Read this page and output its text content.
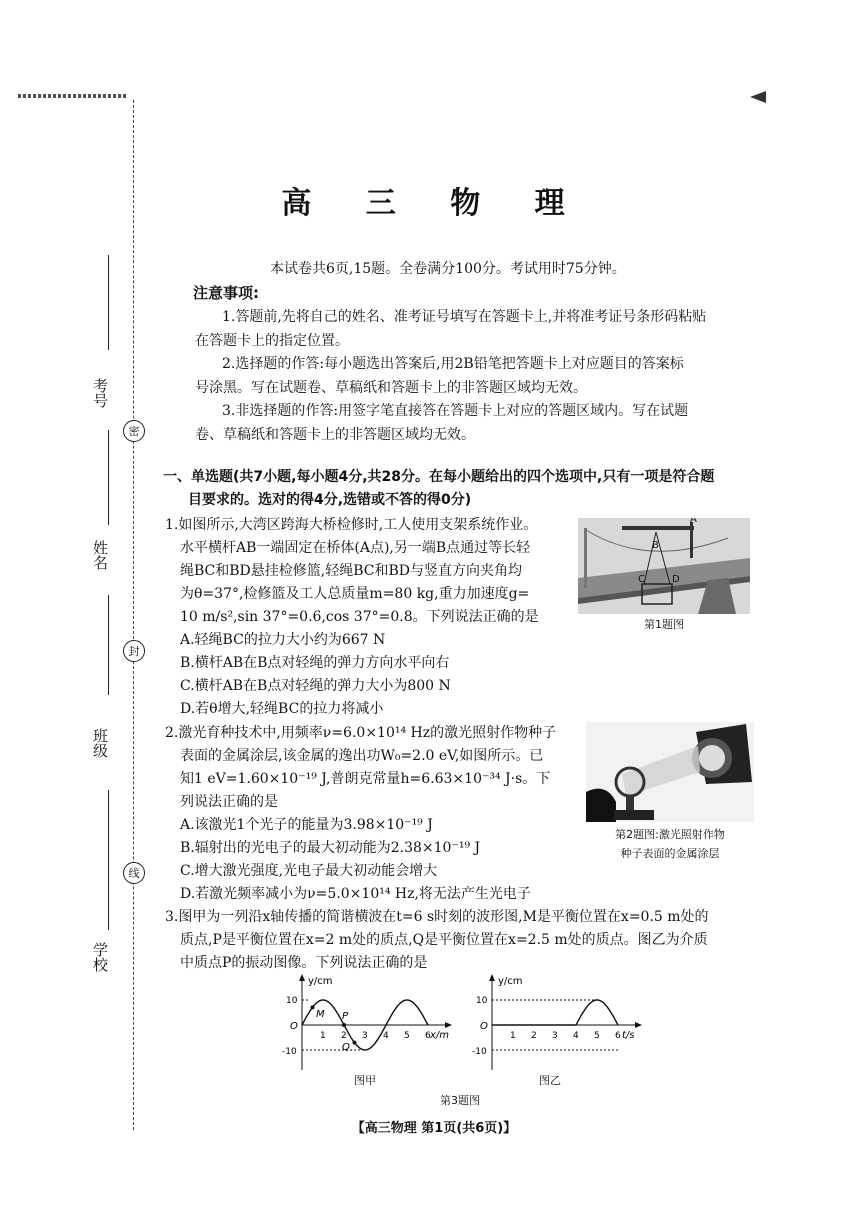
考号
姓名
班级
学校
密
封
线
高 三 物 理
本试卷共6页,15题。全卷满分100分。考试用时75分钟。
注意事项:
1.答题前,先将自己的姓名、准考证号填写在答题卡上,并将准考证号条形码粘贴
在答题卡上的指定位置。
2.选择题的作答:每小题选出答案后,用2B铅笔把答题卡上对应题目的答案标
号涂黑。写在试题卷、草稿纸和答题卡上的非答题区域均无效。
3.非选择题的作答:用签字笔直接答在答题卡上对应的答题区域内。写在试题
卷、草稿纸和答题卡上的非答题区域均无效。
一、单选题(共7小题,每小题4分,共28分。在每小题给出的四个选项中,只有一项是符合题
目要求的。选对的得4分,选错或不答的得0分)
1.如图所示,大湾区跨海大桥检修时,工人使用支架系统作业。
水平横杆AB一端固定在桥体(A点),另一端B点通过等长轻
绳BC和BD悬挂检修篮,轻绳BC和BD与竖直方向夹角均
为θ=37°,检修篮及工人总质量m=80 kg,重力加速度g=
10 m/s²,sin 37°=0.6,cos 37°=0.8。下列说法正确的是
A.轻绳BC的拉力大小约为667 N
B.横杆AB在B点对轻绳的弹力方向水平向右
C.横杆AB在B点对轻绳的弹力大小为800 N
D.若θ增大,轻绳BC的拉力将减小
B
A
C	D
第1题图
2.激光育种技术中,用频率ν=6.0×10¹⁴ Hz的激光照射作物种子
表面的金属涂层,该金属的逸出功W₀=2.0 eV,如图所示。已
知1 eV=1.60×10⁻¹⁹ J,普朗克常量h=6.63×10⁻³⁴ J·s。下
列说法正确的是
A.该激光1个光子的能量为3.98×10⁻¹⁹ J
B.辐射出的光电子的最大初动能为2.38×10⁻¹⁹ J
C.增大激光强度,光电子最大初动能会增大
D.若激光频率减小为ν=5.0×10¹⁴ Hz,将无法产生光电子
第2题图:激光照射作物
种子表面的金属涂层
3.图甲为一列沿x轴传播的简谐横波在t=6 s时刻的波形图,M是平衡位置在x=0.5 m处的
质点,P是平衡位置在x=2 m处的质点,Q是平衡位置在x=2.5 m处的质点。图乙为介质
中质点P的振动图像。下列说法正确的是
y/cm
x/m
O
10
-10
1 2 3 4 5 6
M P
Q
图甲
y/cm
t/s
O
10
-10
1 2 3 4 5 6
图乙
第3题图
【高三物理 第1页(共6页)】
